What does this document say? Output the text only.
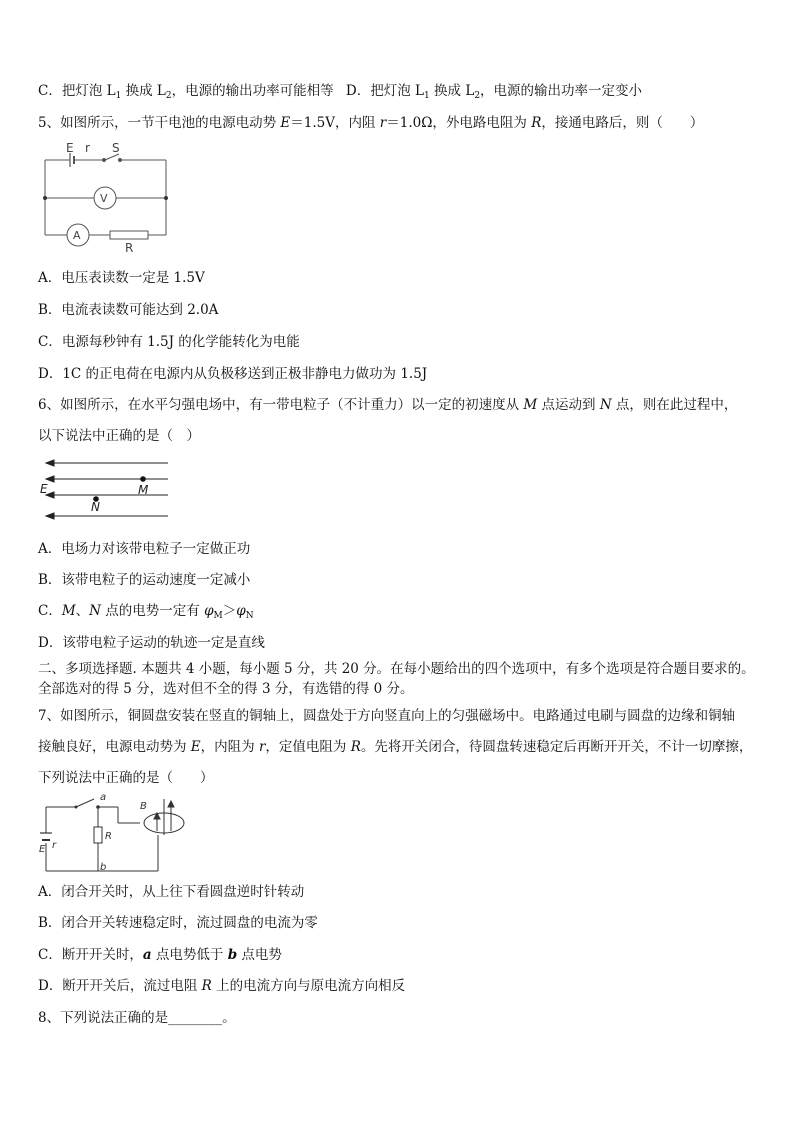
C．把灯泡 $L_1$ 换成 $L_2$，电源的输出功率可能相等 D．把灯泡 $L_1$ 换成 $L_2$，电源的输出功率一定变小
5、如图所示，一节干电池的电源电动势 E＝1.5V，内阻 r＝1.0Ω，外电路电阻为 R，接通电路后，则（　　）
E r S
V
A
R
A．电压表读数一定是 1.5V
B．电流表读数可能达到 2.0A
C．电源每秒钟有 1.5J 的化学能转化为电能
D．1C 的正电荷在电源内从负极移送到正极非静电力做功为 1.5J
6、如图所示，在水平匀强电场中，有一带电粒子（不计重力）以一定的初速度从 M 点运动到 N 点，则在此过程中，
以下说法中正确的是（　）
E	M
N
A．电场力对该带电粒子一定做正功
B．该带电粒子的运动速度一定减小
C．M、N 点的电势一定有 $\varphi_M>\varphi_N$
D．该带电粒子运动的轨迹一定是直线
二、多项选择题. 本题共 4 小题，每小题 5 分，共 20 分。在每小题给出的四个选项中，有多个选项是符合题目要求的。
全部选对的得 5 分，选对但不全的得 3 分，有选错的得 0 分。
7、如图所示，铜圆盘安装在竖直的铜轴上，圆盘处于方向竖直向上的匀强磁场中。电路通过电刷与圆盘的边缘和铜轴
接触良好，电源电动势为 E，内阻为 r，定值电阻为 R。先将开关闭合，待圆盘转速稳定后再断开开关，不计一切摩擦，
下列说法中正确的是（　　）
a
b
R
E r
B
A．闭合开关时，从上往下看圆盘逆时针转动
B．闭合开关转速稳定时，流过圆盘的电流为零
C．断开开关时，a 点电势低于 b 点电势
D．断开开关后，流过电阻 R 上的电流方向与原电流方向相反
8、下列说法正确的是________。
